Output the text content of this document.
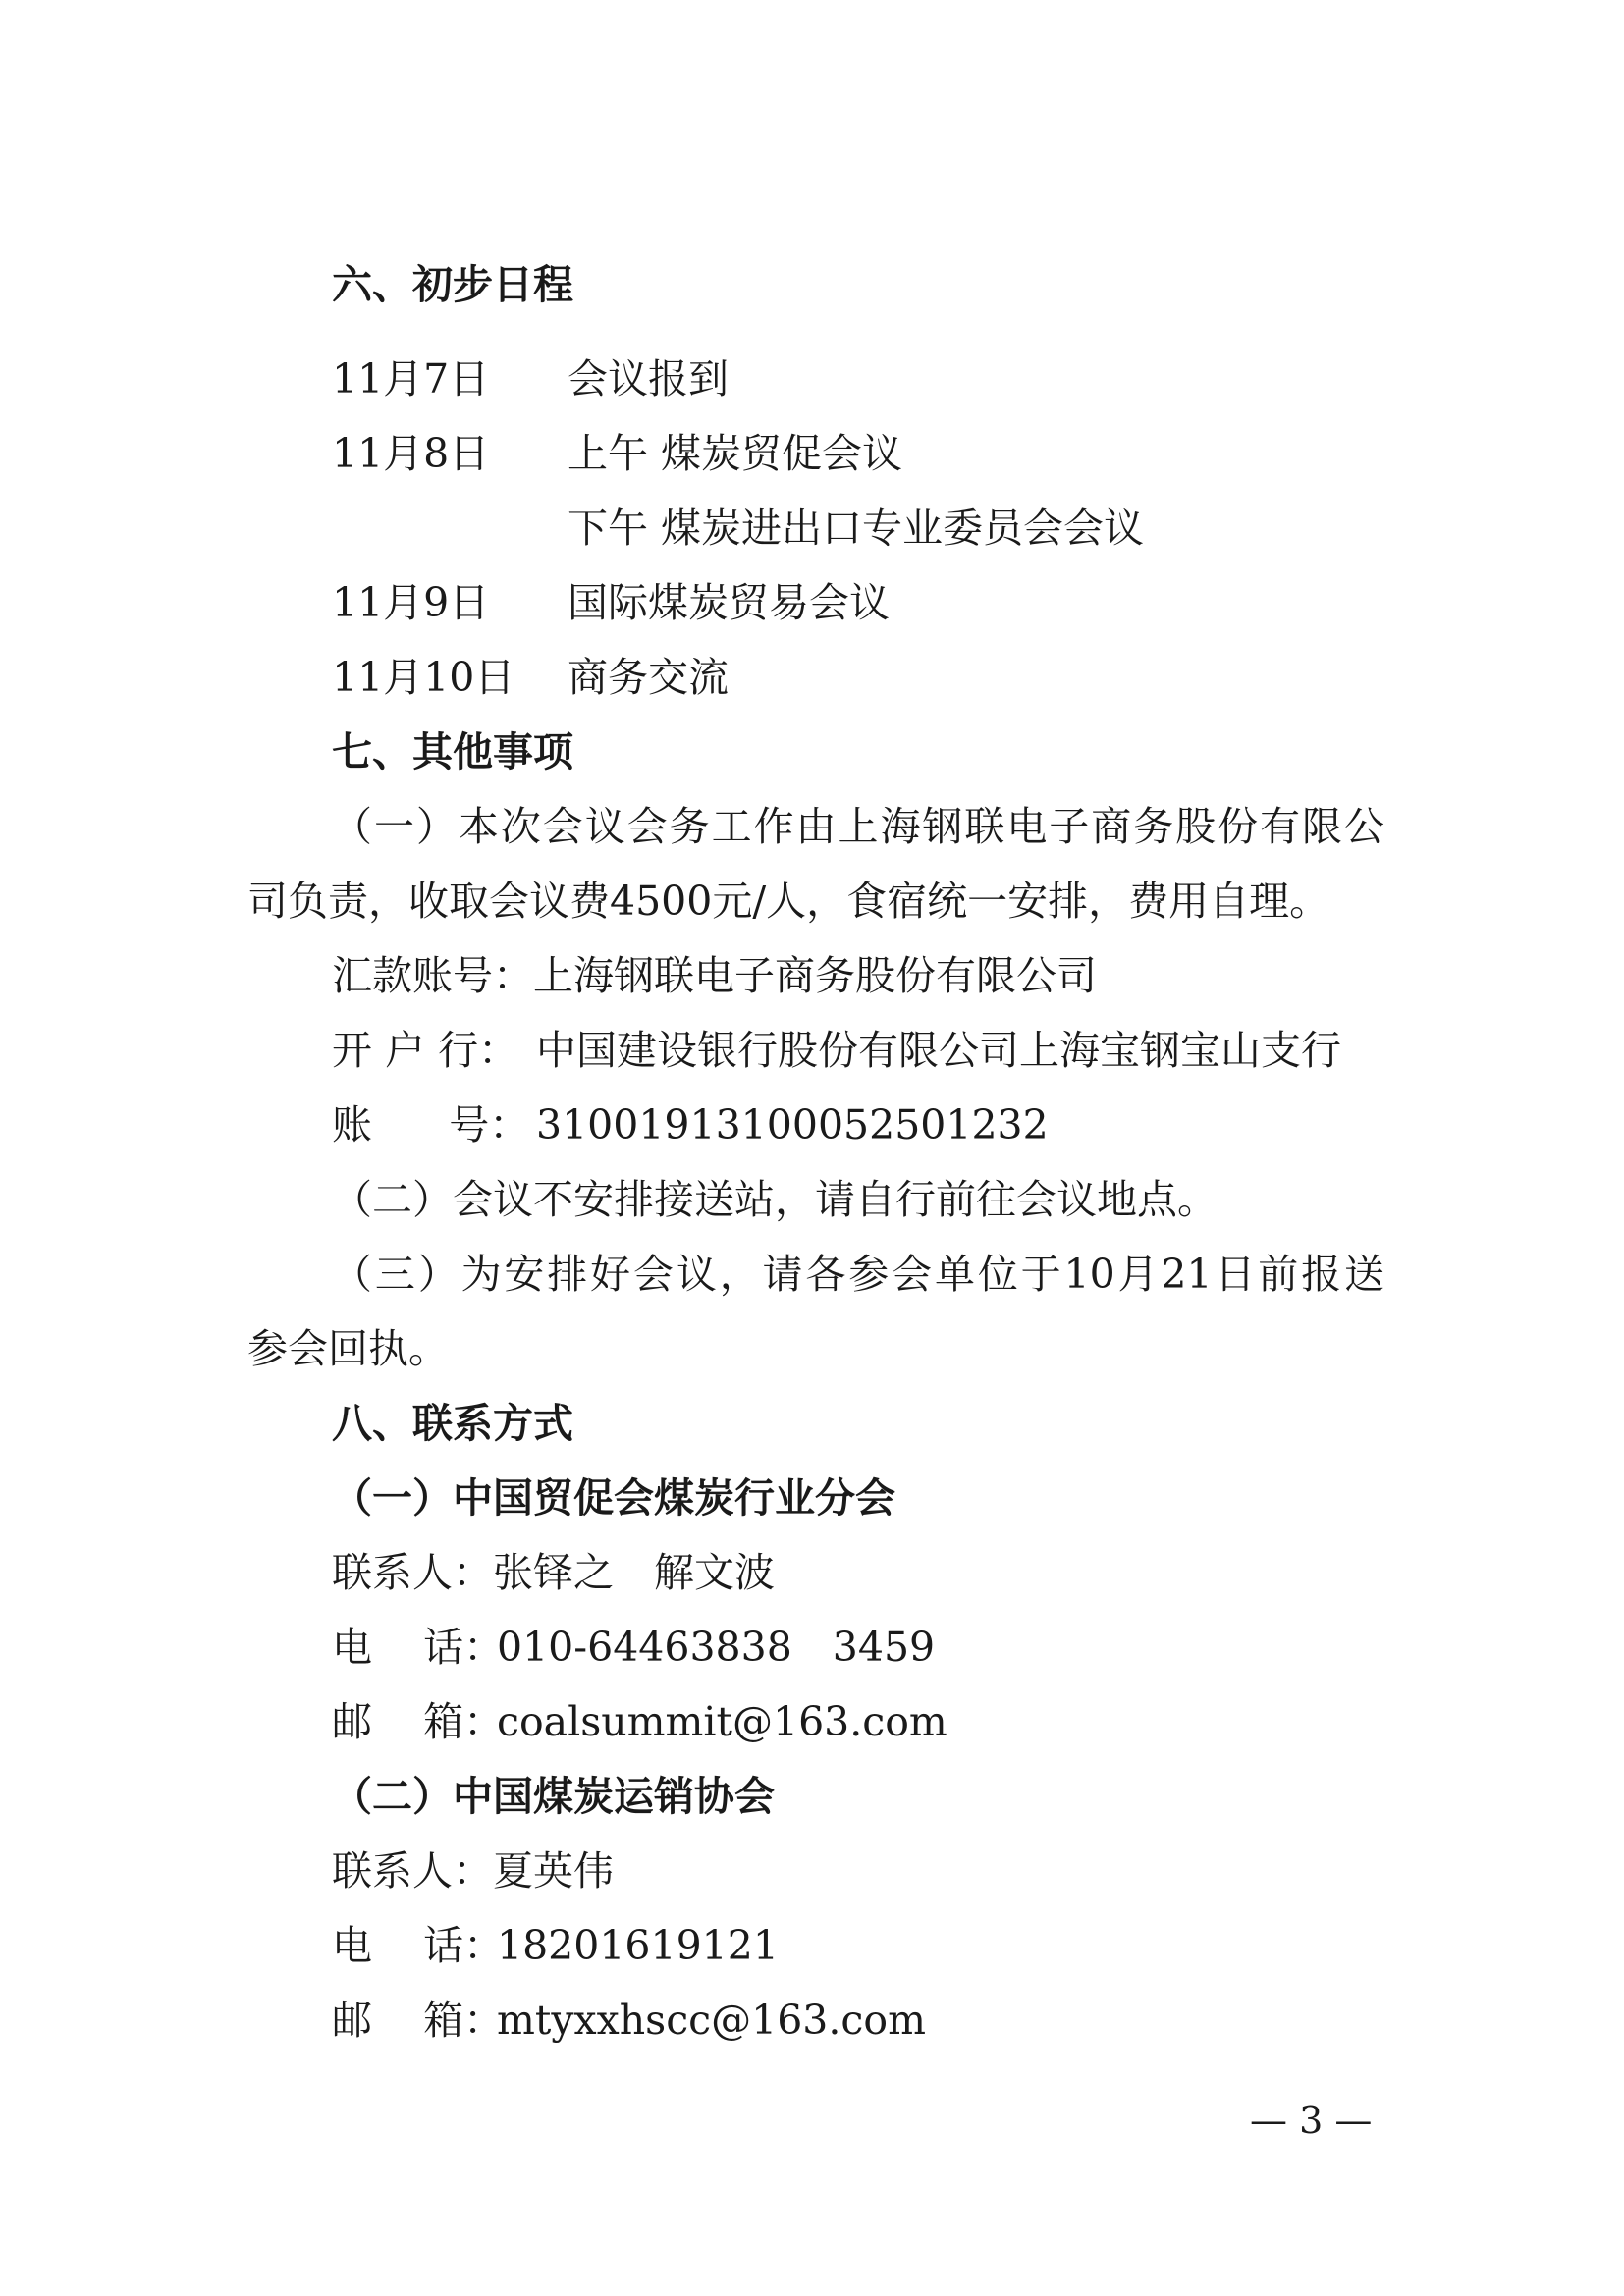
六、初步日程
11月7日 会议报到
11月8日 上午 煤炭贸促会议
下午 煤炭进出口专业委员会会议
11月9日 国际煤炭贸易会议
11月10日 商务交流
七、其他事项
（一）本次会议会务工作由上海钢联电子商务股份有限公
司负责，收取会议费4500元/人，食宿统一安排，费用自理。
汇款账号：上海钢联电子商务股份有限公司
开 户 行： 中国建设银行股份有限公司上海宝钢宝山支行
账      号： 31001913100052501232
（二）会议不安排接送站，请自行前往会议地点。
（三）为安排好会议，请各参会单位于10月21日前报送
参会回执。
八、联系方式
（一）中国贸促会煤炭行业分会
联系人：张铎之　解文波
电    话：010-64463838　3459
邮    箱：coalsummit@163.com
（二）中国煤炭运销协会
联系人：夏英伟
电    话：18201619121
邮    箱：mtyxxhscc@163.com
— 3 —
